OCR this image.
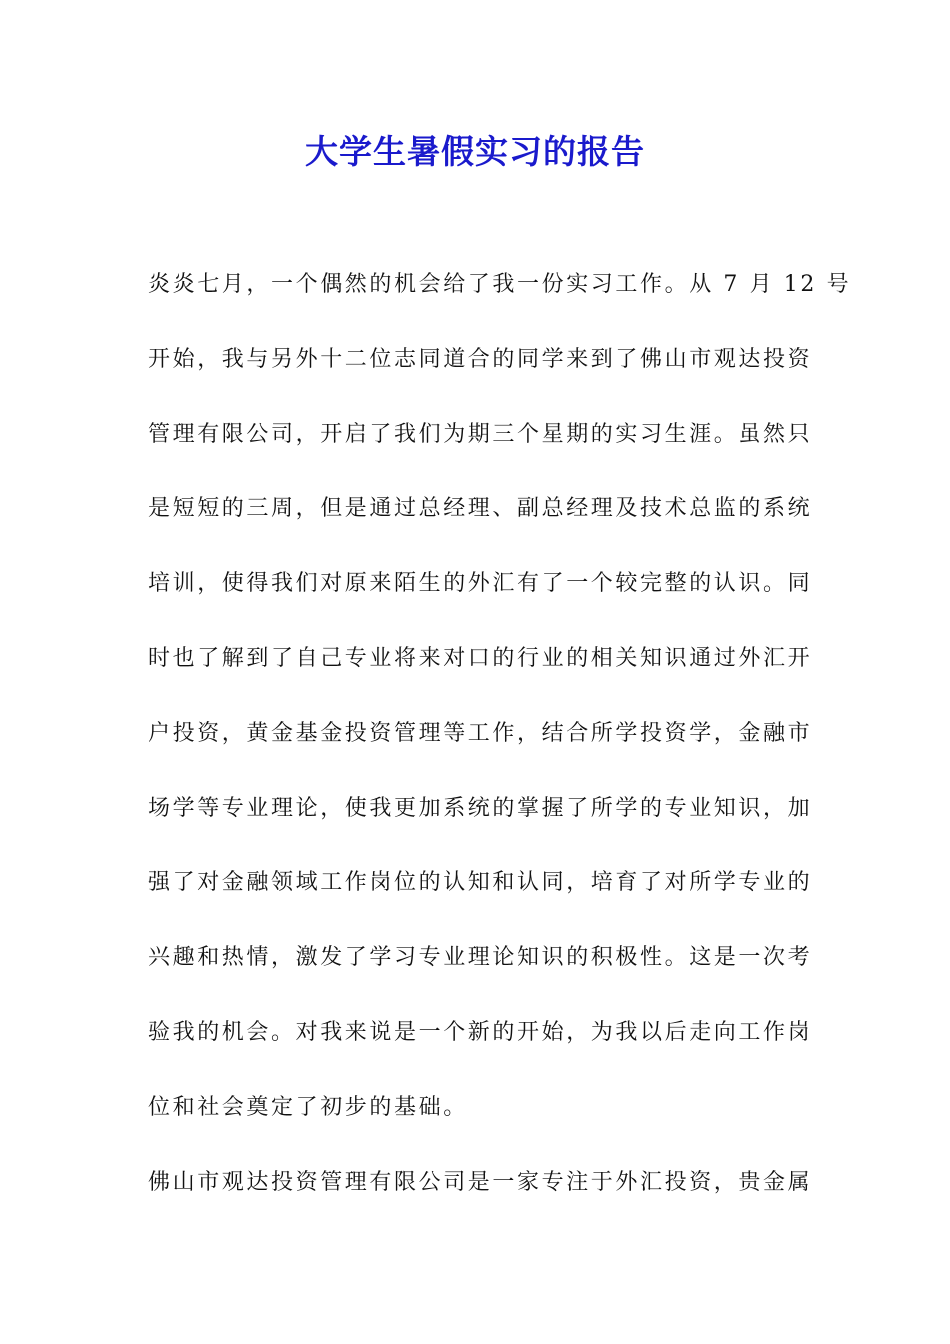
大学生暑假实习的报告
炎炎七月，一个偶然的机会给了我一份实习工作。从 7 月 12 号
开始，我与另外十二位志同道合的同学来到了佛山市观达投资
管理有限公司，开启了我们为期三个星期的实习生涯。虽然只
是短短的三周，但是通过总经理、副总经理及技术总监的系统
培训，使得我们对原来陌生的外汇有了一个较完整的认识。同
时也了解到了自己专业将来对口的行业的相关知识通过外汇开
户投资，黄金基金投资管理等工作，结合所学投资学，金融市
场学等专业理论，使我更加系统的掌握了所学的专业知识，加
强了对金融领域工作岗位的认知和认同，培育了对所学专业的
兴趣和热情，激发了学习专业理论知识的积极性。这是一次考
验我的机会。对我来说是一个新的开始，为我以后走向工作岗
位和社会奠定了初步的基础。
佛山市观达投资管理有限公司是一家专注于外汇投资，贵金属
